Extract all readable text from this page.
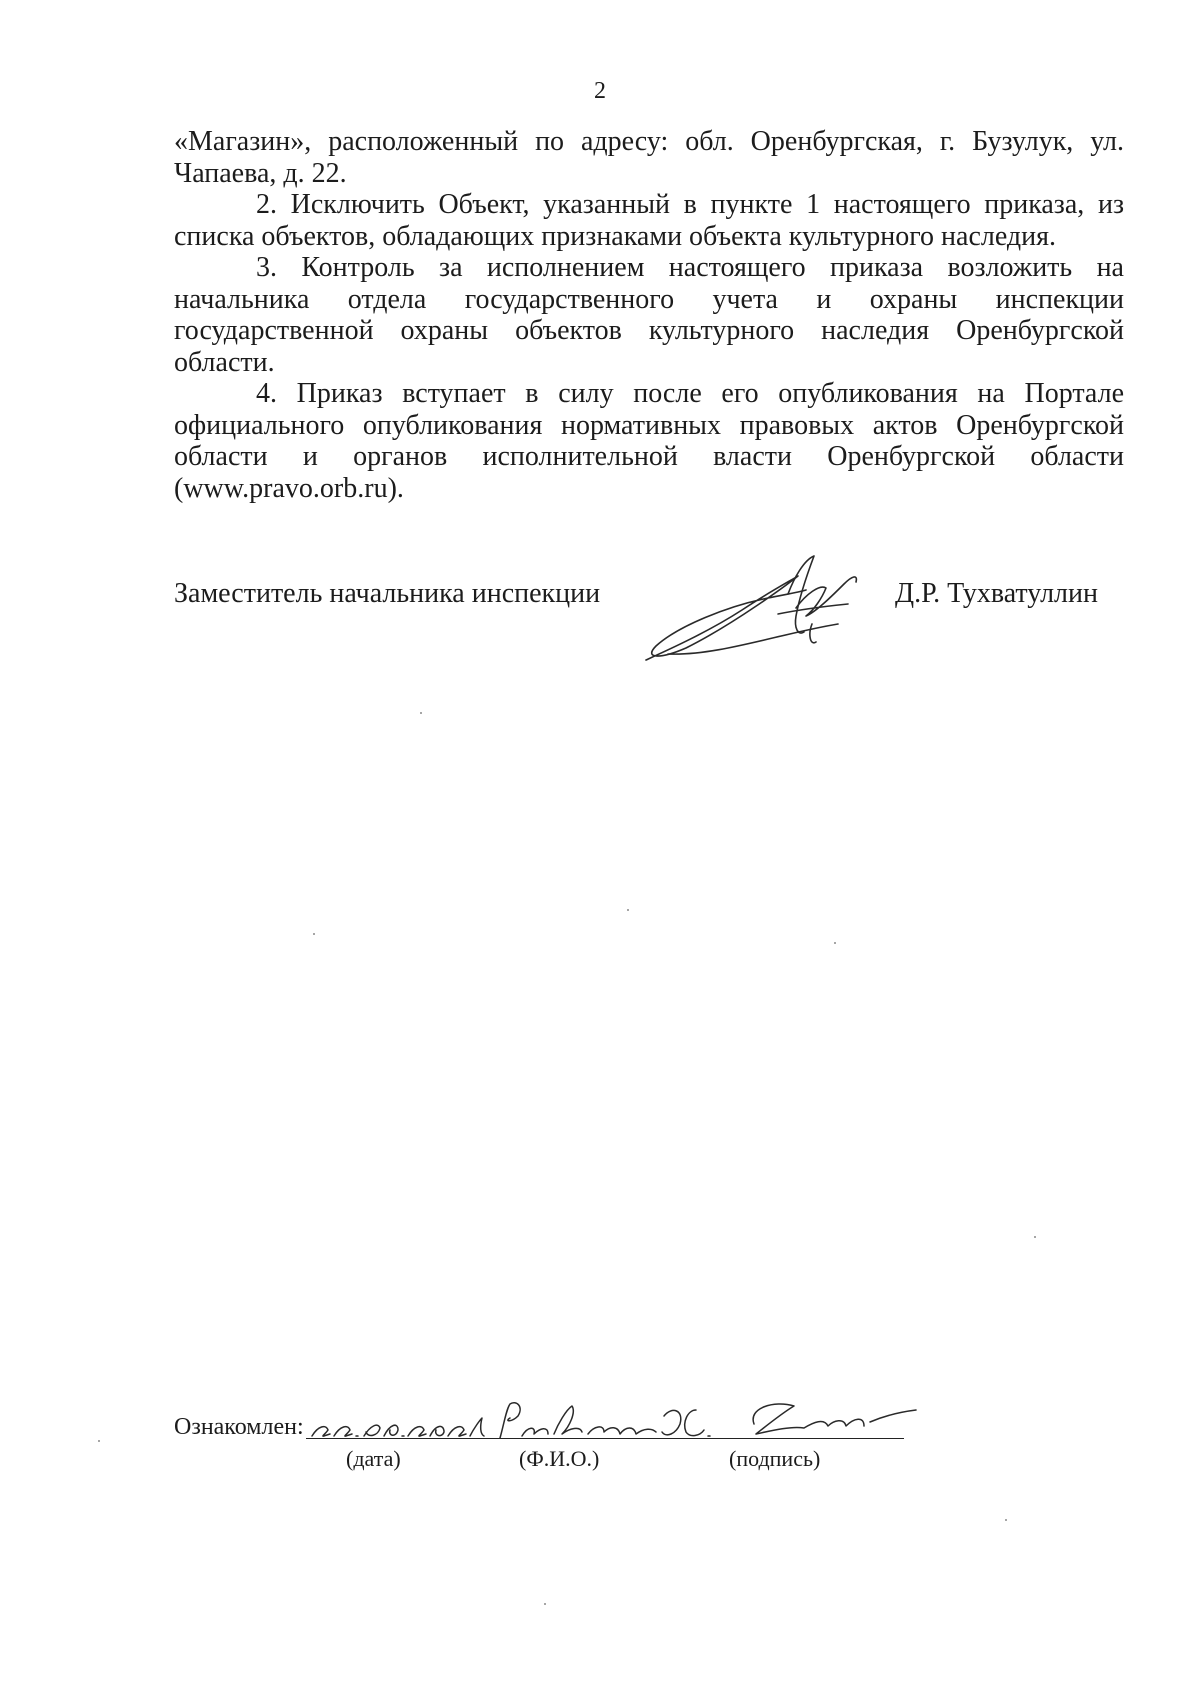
2

«Магазин», расположенный по адресу: обл. Оренбургская, г. Бузулук, ул. Чапаева, д. 22.

2. Исключить Объект, указанный в пункте 1 настоящего приказа, из списка объектов, обладающих признаками объекта культурного наследия.

3. Контроль за исполнением настоящего приказа возложить на начальника отдела государственного учета и охраны инспекции государственной охраны объектов культурного наследия Оренбургской области.

4. Приказ вступает в силу после его опубликования на Портале официального опубликования нормативных правовых актов Оренбургской области и органов исполнительной власти Оренбургской области (www.pravo.orb.ru).

Заместитель начальника инспекции	Д.Р. Тухватуллин
Ознакомлен:
(дата)	(Ф.И.О.)	(подпись)
